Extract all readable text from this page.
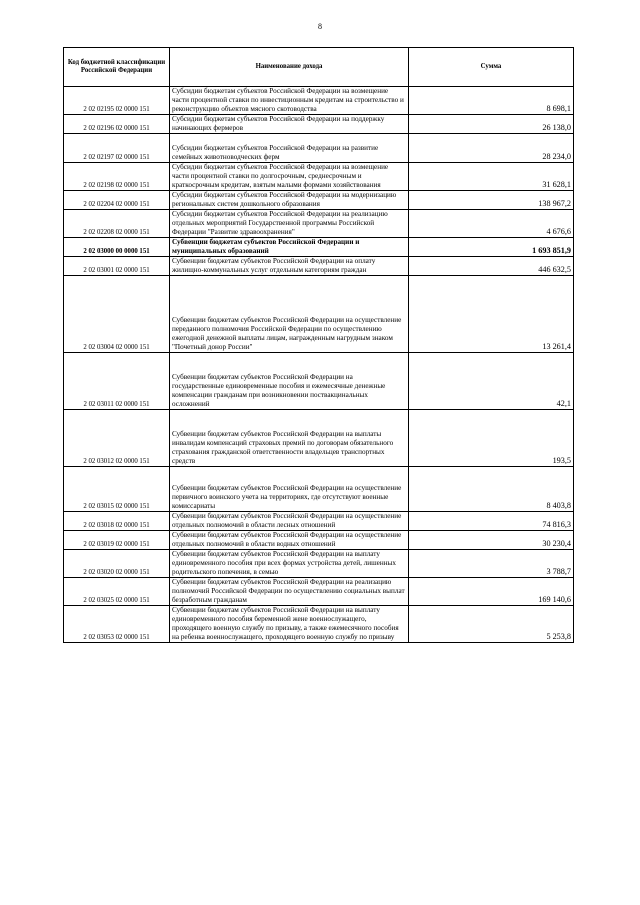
8
Код бюджетной классификации Российской Федерации	Наименование дохода	Сумма
2 02 02195 02 0000 151	Субсидии бюджетам субъектов Российской Федерации на возмещение части процентной ставки по инвестиционным кредитам на строительство и реконструкцию объектов мясного скотоводства	8 698,1
2 02 02196 02 0000 151	Субсидии бюджетам субъектов Российской Федерации на поддержку начинающих фермеров	26 138,0
2 02 02197 02 0000 151	Субсидии бюджетам субъектов Российской Федерации на развитие семейных животноводческих ферм	28 234,0
2 02 02198 02 0000 151	Субсидии бюджетам субъектов Российской Федерации на возмещение части процентной ставки по долгосрочным, среднесрочным и краткосрочным кредитам, взятым малыми формами хозяйствования	31 628,1
2 02 02204 02 0000 151	Субсидии бюджетам субъектов Российской Федерации на модернизацию региональных систем дошкольного образования	138 967,2
2 02 02208 02 0000 151	Субсидии бюджетам субъектов Российской Федерации на реализацию отдельных мероприятий Государственной программы Российской Федерации "Развитие здравоохранения"	4 676,6
2 02 03000 00 0000 151	Субвенции бюджетам субъектов Российской Федерации и муниципальных образований	1 693 851,9
2 02 03001 02 0000 151	Субвенции бюджетам субъектов Российской Федерации на оплату жилищно-коммунальных услуг отдельным категориям граждан	446 632,5
2 02 03004 02 0000 151	Субвенции бюджетам субъектов Российской Федерации на осуществление переданного полномочия Российской Федерации по осуществлению ежегодной денежной выплаты лицам, награжденным нагрудным знаком "Почетный донор России"	13 261,4
2 02 03011 02 0000 151	Субвенции бюджетам субъектов Российской Федерации на государственные единовременные пособия и ежемесячные денежные компенсации гражданам при возникновении поствакцинальных осложнений	42,1
2 02 03012 02 0000 151	Субвенции бюджетам субъектов Российской Федерации на выплаты инвалидам компенсаций страховых премий по договорам обязательного страхования гражданской ответственности владельцев транспортных средств	193,5
2 02 03015 02 0000 151	Субвенции бюджетам субъектов Российской Федерации на осуществление первичного воинского учета на территориях, где отсутствуют военные комиссариаты	8 403,8
2 02 03018 02 0000 151	Субвенции бюджетам субъектов Российской Федерации на осуществление отдельных полномочий в области лесных отношений	74 816,3
2 02 03019 02 0000 151	Субвенции бюджетам субъектов Российской Федерации на осуществление отдельных полномочий в области водных отношений	30 230,4
2 02 03020 02 0000 151	Субвенции бюджетам субъектов Российской Федерации на выплату единовременного пособия при всех формах устройства детей, лишенных родительского попечения, в семью	3 788,7
2 02 03025 02 0000 151	Субвенции бюджетам субъектов Российской Федерации на реализацию полномочий Российской Федерации по осуществлению социальных выплат безработным гражданам	169 140,6
2 02 03053 02 0000 151	Субвенции бюджетам субъектов Российской Федерации на выплату единовременного пособия беременной жене военнослужащего, проходящего военную службу по призыву, а также ежемесячного пособия на ребенка военнослужащего, проходящего военную службу по призыву	5 253,8
